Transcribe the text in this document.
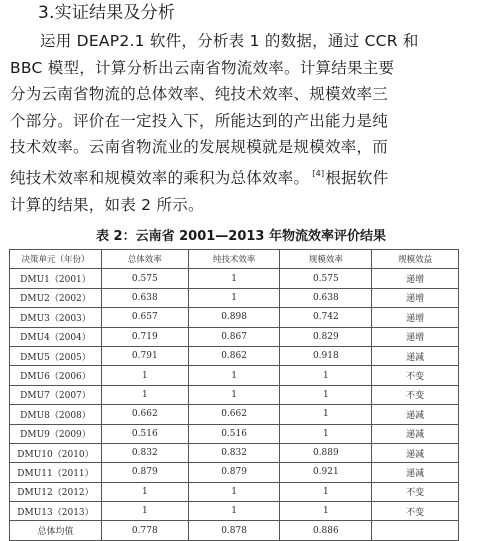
3.实证结果及分析
运用 DEAP2.1 软件，分析表 1 的数据，通过 CCR 和
BBC 模型，计算分析出云南省物流效率。计算结果主要
分为云南省物流的总体效率、纯技术效率、规模效率三
个部分。评价在一定投入下，所能达到的产出能力是纯
技术效率。云南省物流业的发展规模就是规模效率，而
纯技术效率和规模效率的乘积为总体效率。 [4]根据软件
计算的结果，如表 2 所示。
表 2：云南省 2001—2013 年物流效率评价结果
决策单元（年份）	总体效率	纯技术效率	规模效率	规模效益
DMU1（2001）	0.575	1	0.575	递增
DMU2（2002）	0.638	1	0.638	递增
DMU3（2003）	0.657	0.898	0.742	递增
DMU4（2004）	0.719	0.867	0.829	递增
DMU5（2005）	0.791	0.862	0.918	递减
DMU6（2006）	1	1	1	不变
DMU7（2007）	1	1	1	不变
DMU8（2008）	0.662	0.662	1	递减
DMU9（2009）	0.516	0.516	1	递减
DMU10（2010）	0.832	0.832	0.889	递减
DMU11（2011）	0.879	0.879	0.921	递减
DMU12（2012）	1	1	1	不变
DMU13（2013）	1	1	1	不变
总体均值	0.778	0.878	0.886	
